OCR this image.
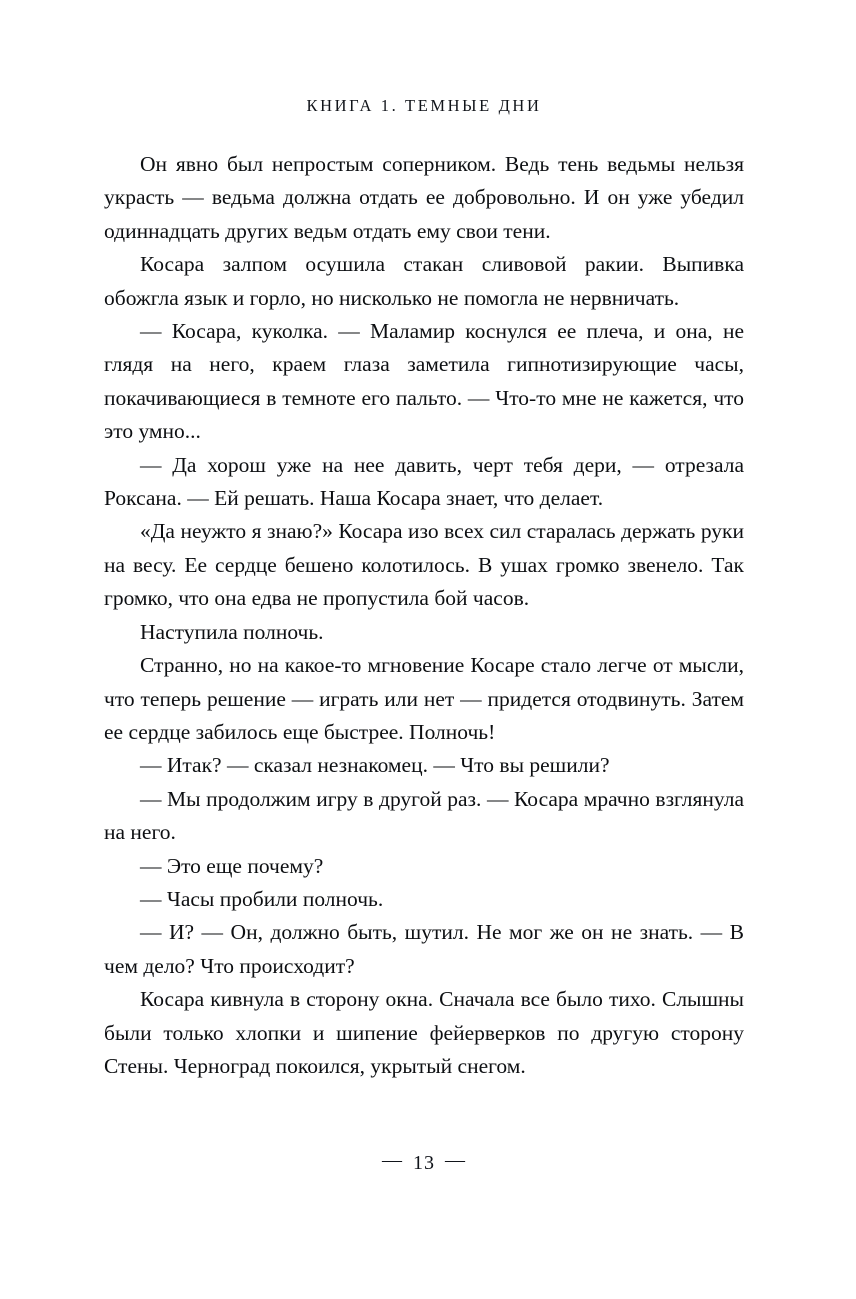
КНИГА 1. ТЕМНЫЕ ДНИ

Он явно был непростым соперником. Ведь тень ведьмы нельзя украсть — ведьма должна отдать ее добровольно. И он уже убедил одиннадцать других ведьм отдать ему свои тени.

Косара залпом осушила стакан сливовой ракии. Выпивка обожгла язык и горло, но нисколько не помогла не нервничать.

— Косара, куколка. — Маламир коснулся ее плеча, и она, не глядя на него, краем глаза заметила гипнотизирующие часы, покачивающиеся в темноте его пальто. — Что-то мне не кажется, что это умно...

— Да хорош уже на нее давить, черт тебя дери, — отрезала Роксана. — Ей решать. Наша Косара знает, что делает.

«Да неужто я знаю?» Косара изо всех сил старалась держать руки на весу. Ее сердце бешено колотилось. В ушах громко звенело. Так громко, что она едва не пропустила бой часов.

Наступила полночь.

Странно, но на какое-то мгновение Косаре стало легче от мысли, что теперь решение — играть или нет — придется отодвинуть. Затем ее сердце забилось еще быстрее. Полночь!

— Итак? — сказал незнакомец. — Что вы решили?

— Мы продолжим игру в другой раз. — Косара мрачно взглянула на него.

— Это еще почему?

— Часы пробили полночь.

— И? — Он, должно быть, шутил. Не мог же он не знать. — В чем дело? Что происходит?

Косара кивнула в сторону окна. Сначала все было тихо. Слышны были только хлопки и шипение фейерверков по другую сторону Стены. Черноград покоился, укрытый снегом.

— 13 —
